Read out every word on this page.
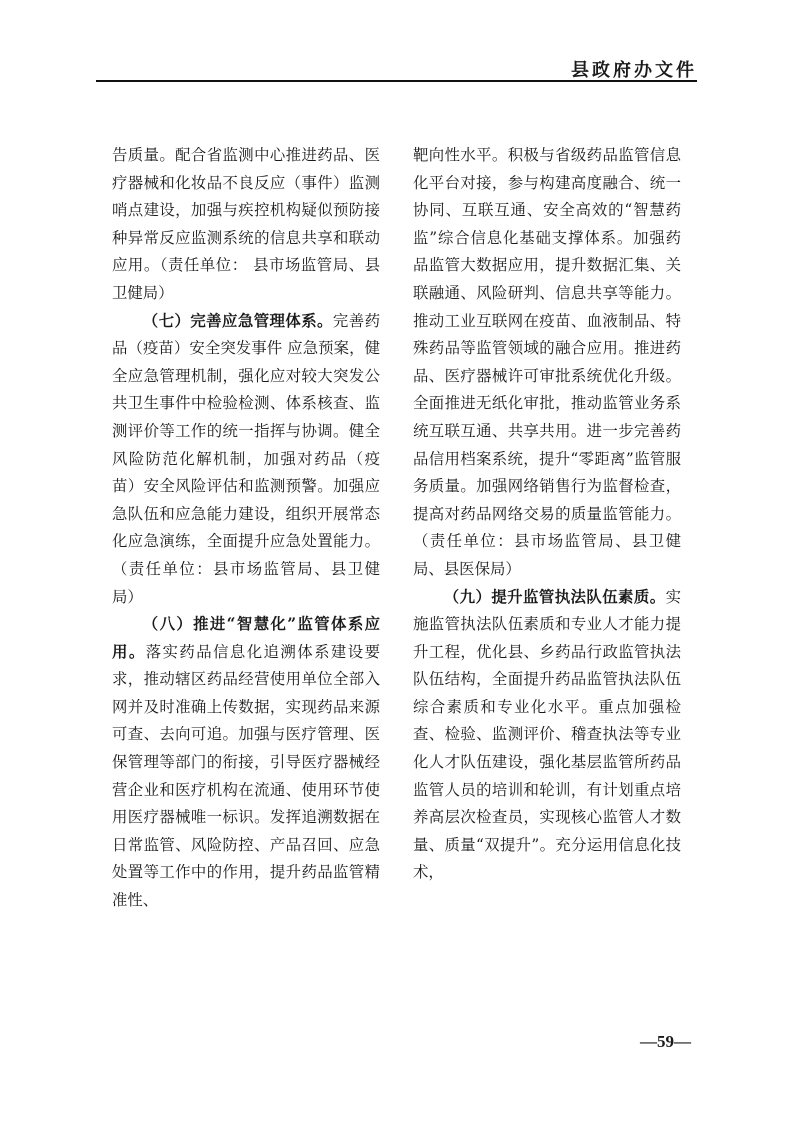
县政府办文件

告质量。配合省监测中心推进药品、医疗器械和化妆品不良反应（事件）监测哨点建设，加强与疾控机构疑似预防接种异常反应监测系统的信息共享和联动应用。（责任单位： 县市场监管局、县卫健局）

（七）完善应急管理体系。完善药品（疫苗）安全突发事件 应急预案，健全应急管理机制，强化应对较大突发公共卫生事件中检验检测、体系核查、监测评价等工作的统一指挥与协调。健全风险防范化解机制，加强对药品（疫苗）安全风险评估和监测预警。加强应急队伍和应急能力建设，组织开展常态化应急演练，全面提升应急处置能力。（责任单位：县市场监管局、县卫健局）

（八）推进“智慧化”监管体系应用。落实药品信息化追溯体系建设要求，推动辖区药品经营使用单位全部入网并及时准确上传数据，实现药品来源可查、去向可追。加强与医疗管理、医保管理等部门的衔接，引导医疗器械经营企业和医疗机构在流通、使用环节使用医疗器械唯一标识。发挥追溯数据在日常监管、风险防控、产品召回、应急处置等工作中的作用，提升药品监管精准性、

靶向性水平。积极与省级药品监管信息化平台对接，参与构建高度融合、统一协同、互联互通、安全高效的“智慧药监”综合信息化基础支撑体系。加强药品监管大数据应用，提升数据汇集、关联融通、风险研判、信息共享等能力。推动工业互联网在疫苗、血液制品、特殊药品等监管领域的融合应用。推进药品、医疗器械许可审批系统优化升级。全面推进无纸化审批，推动监管业务系统互联互通、共享共用。进一步完善药品信用档案系统，提升“零距离”监管服务质量。加强网络销售行为监督检查，提高对药品网络交易的质量监管能力。（责任单位：县市场监管局、县卫健局、县医保局）

（九）提升监管执法队伍素质。实施监管执法队伍素质和专业人才能力提升工程，优化县、乡药品行政监管执法队伍结构，全面提升药品监管执法队伍综合素质和专业化水平。重点加强检查、检验、监测评价、稽查执法等专业化人才队伍建设，强化基层监管所药品监管人员的培训和轮训，有计划重点培养高层次检查员，实现核心监管人才数量、质量“双提升”。充分运用信息化技术，

—59—
